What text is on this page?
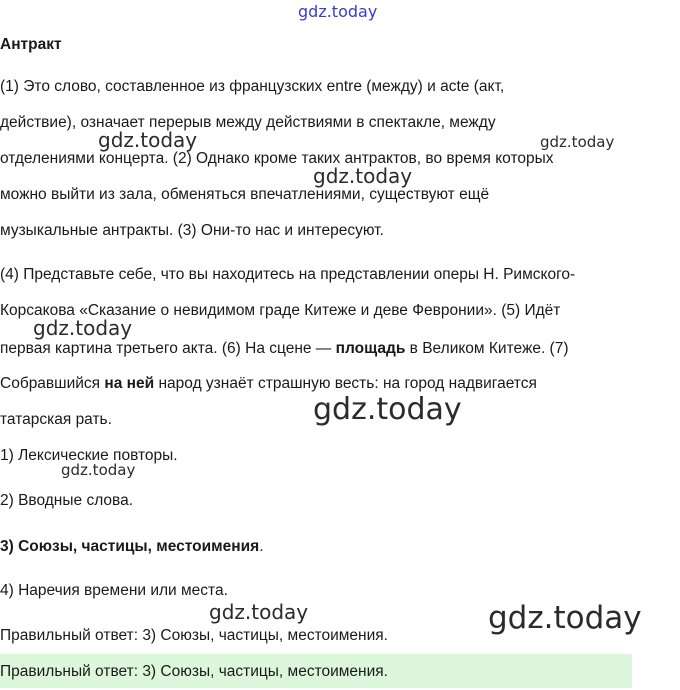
gdz.today
Антракт
(1) Это слово, составленное из французских entre (между) и acte (акт,
действие), означает перерыв между действиями в спектакле, между
отделениями концерта. (2) Однако кроме таких антрактов, во время которых
можно выйти из зала, обменяться впечатлениями, существуют ещё
музыкальные антракты. (3) Они-то нас и интересуют.
(4) Представьте себе, что вы находитесь на представлении оперы Н. Римского-
Корсакова «Сказание о невидимом граде Китеже и деве Февронии». (5) Идёт
первая картина третьего акта. (6) На сцене — площадь в Великом Китеже. (7)
Собравшийся на ней народ узнаёт страшную весть: на город надвигается
татарская рать.
1) Лексические повторы.
2) Вводные слова.
3) Союзы, частицы, местоимения.
4) Наречия времени или места.
Правильный ответ: 3) Союзы, частицы, местоимения.
Правильный ответ: 3) Союзы, частицы, местоимения.
gdz.today	gdz.today
gdz.today
gdz.today
gdz.today
gdz.today
gdz.today	gdz.today
